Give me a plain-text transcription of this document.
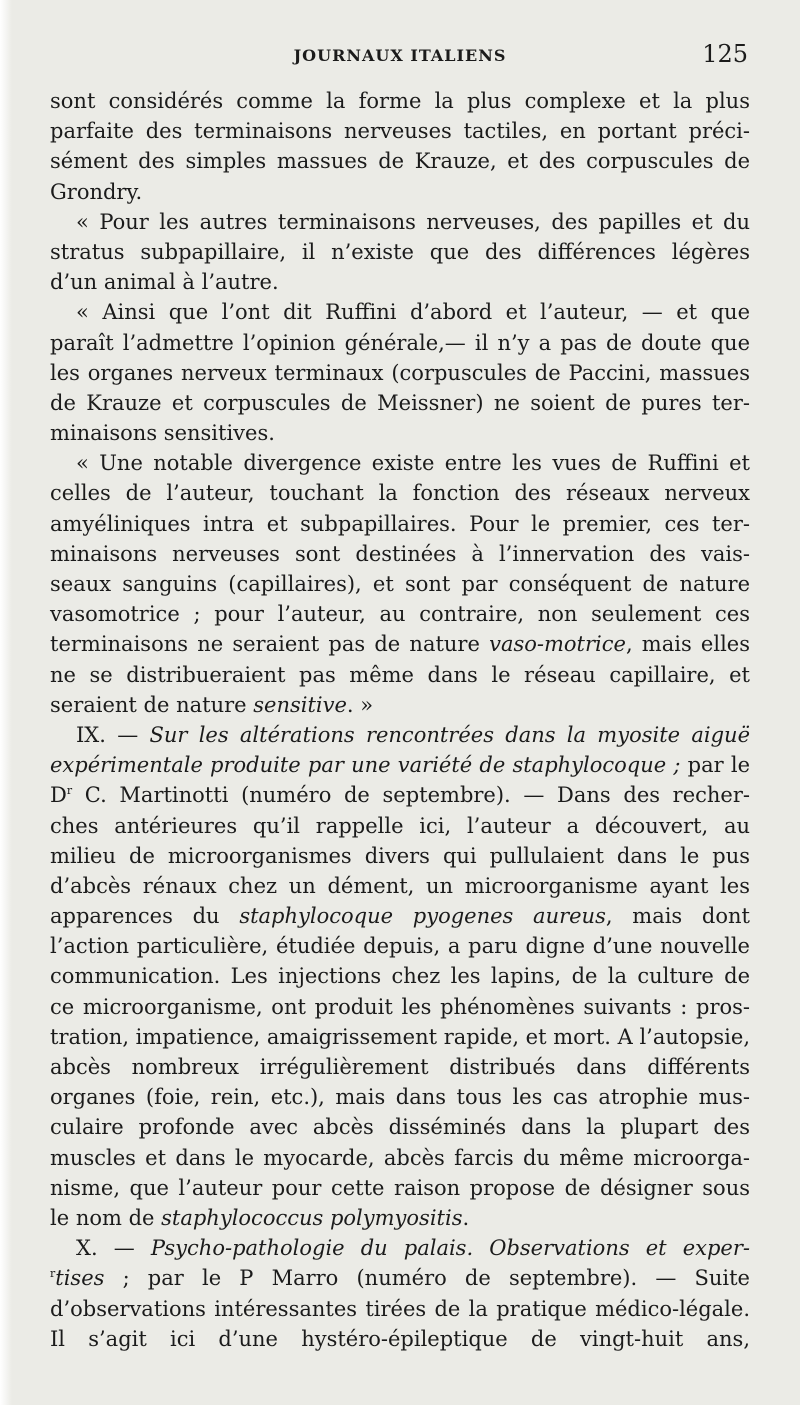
JOURNAUX ITALIENS	125
sont considérés comme la forme la plus complexe et la plus
parfaite des terminaisons nerveuses tactiles, en portant préci-
sément des simples massues de Krauze, et des corpuscules de
Grondry.
« Pour les autres terminaisons nerveuses, des papilles et du
stratus subpapillaire, il n’existe que des différences légères
d’un animal à l’autre.
« Ainsi que l’ont dit Ruffini d’abord et l’auteur, — et que
paraît l’admettre l’opinion générale,— il n’y a pas de doute que
les organes nerveux terminaux (corpuscules de Paccini, massues
de Krauze et corpuscules de Meissner) ne soient de pures ter-
minaisons sensitives.
« Une notable divergence existe entre les vues de Ruffini et
celles de l’auteur, touchant la fonction des réseaux nerveux
amyéliniques intra et subpapillaires. Pour le premier, ces ter-
minaisons nerveuses sont destinées à l’innervation des vais-
seaux sanguins (capillaires), et sont par conséquent de nature
vasomotrice ; pour l’auteur, au contraire, non seulement ces
terminaisons ne seraient pas de nature vaso-motrice, mais elles
ne se distribueraient pas même dans le réseau capillaire, et
seraient de nature sensitive. »
IX. — Sur les altérations rencontrées dans la myosite aiguë
expérimentale produite par une variété de staphylocoque ; par le
$D^r$ C. Martinotti (numéro de septembre). — Dans des recher-
ches antérieures qu’il rappelle ici, l’auteur a découvert, au
milieu de microorganismes divers qui pullulaient dans le pus
d’abcès rénaux chez un dément, un microorganisme ayant les
apparences du staphylocoque pyogenes aureus, mais dont
l’action particulière, étudiée depuis, a paru digne d’une nouvelle
communication. Les injections chez les lapins, de la culture de
ce microorganisme, ont produit les phénomènes suivants : pros-
tration, impatience, amaigrissement rapide, et mort. A l’autopsie,
abcès nombreux irrégulièrement distribués dans différents
organes (foie, rein, etc.), mais dans tous les cas atrophie mus-
culaire profonde avec abcès disséminés dans la plupart des
muscles et dans le myocarde, abcès farcis du même microorga-
nisme, que l’auteur pour cette raison propose de désigner sous
le nom de staphylococcus polymyositis.
X. — Psycho-pathologie du palais. Observations et exper-
$^r$tises ; par le P Marro (numéro de septembre). — Suite
d’observations intéressantes tirées de la pratique médico-légale.
Il s’agit ici d’une hystéro-épileptique de vingt-huit ans,
